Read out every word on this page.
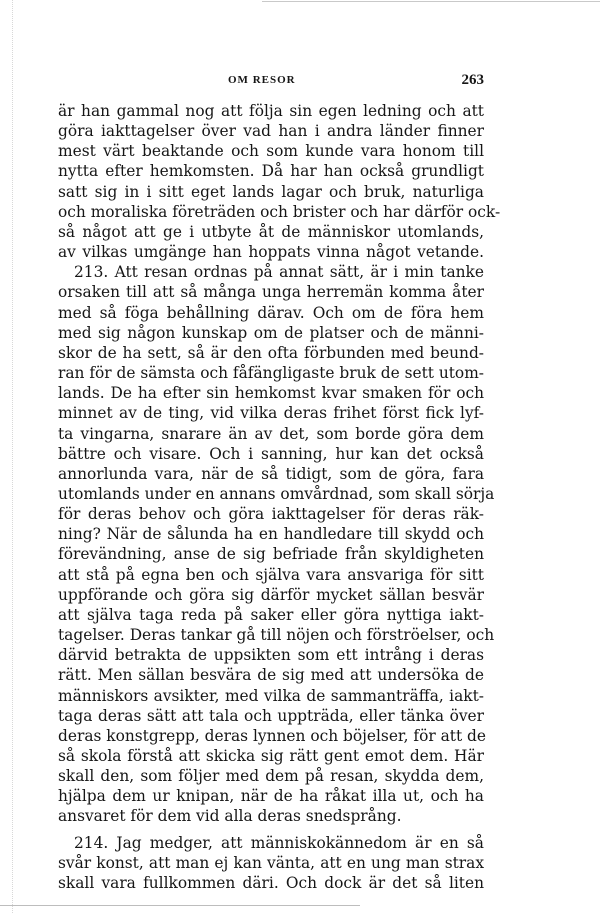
OM RESOR	263
är han gammal nog att följa sin egen ledning och att
göra iakttagelser över vad han i andra länder finner
mest värt beaktande och som kunde vara honom till
nytta efter hemkomsten. Då har han också grundligt
satt sig in i sitt eget lands lagar och bruk, naturliga
och moraliska företräden och brister och har därför ock-
så något att ge i utbyte åt de människor utomlands,
av vilkas umgänge han hoppats vinna något vetande.
213. Att resan ordnas på annat sätt, är i min tanke
orsaken till att så många unga herremän komma åter
med så föga behållning därav. Och om de föra hem
med sig någon kunskap om de platser och de männi-
skor de ha sett, så är den ofta förbunden med beund-
ran för de sämsta och fåfängligaste bruk de sett utom-
lands. De ha efter sin hemkomst kvar smaken för och
minnet av de ting, vid vilka deras frihet först fick lyf-
ta vingarna, snarare än av det, som borde göra dem
bättre och visare. Och i sanning, hur kan det också
annorlunda vara, när de så tidigt, som de göra, fara
utomlands under en annans omvårdnad, som skall sörja
för deras behov och göra iakttagelser för deras räk-
ning? När de sålunda ha en handledare till skydd och
förevändning, anse de sig befriade från skyldigheten
att stå på egna ben och själva vara ansvariga för sitt
uppförande och göra sig därför mycket sällan besvär
att själva taga reda på saker eller göra nyttiga iakt-
tagelser. Deras tankar gå till nöjen och förströelser, och
därvid betrakta de uppsikten som ett intrång i deras
rätt. Men sällan besvära de sig med att undersöka de
människors avsikter, med vilka de sammanträffa, iakt-
taga deras sätt att tala och uppträda, eller tänka över
deras konstgrepp, deras lynnen och böjelser, för att de
så skola förstå att skicka sig rätt gent emot dem. Här
skall den, som följer med dem på resan, skydda dem,
hjälpa dem ur knipan, när de ha råkat illa ut, och ha
ansvaret för dem vid alla deras snedsprång.
214. Jag medger, att människokännedom är en så
svår konst, att man ej kan vänta, att en ung man strax
skall vara fullkommen däri. Och dock är det så liten
